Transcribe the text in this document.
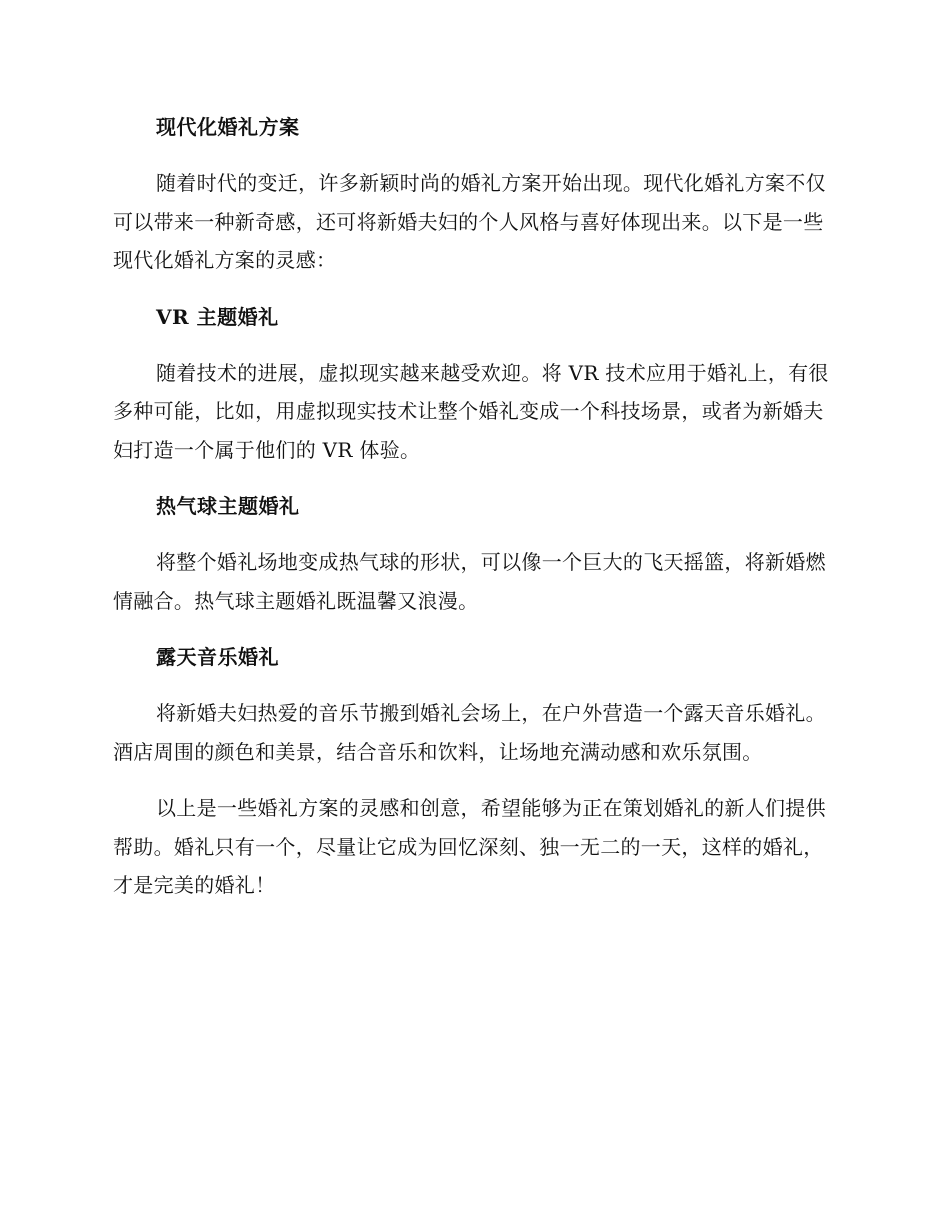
现代化婚礼方案
随着时代的变迁，许多新颖时尚的婚礼方案开始出现。现代化婚礼方案不仅可以带来一种新奇感，还可将新婚夫妇的个人风格与喜好体现出来。以下是一些现代化婚礼方案的灵感：
VR 主题婚礼
随着技术的进展，虚拟现实越来越受欢迎。将 VR 技术应用于婚礼上，有很多种可能，比如，用虚拟现实技术让整个婚礼变成一个科技场景，或者为新婚夫妇打造一个属于他们的 VR 体验。
热气球主题婚礼
将整个婚礼场地变成热气球的形状，可以像一个巨大的飞天摇篮，将新婚燃情融合。热气球主题婚礼既温馨又浪漫。
露天音乐婚礼
将新婚夫妇热爱的音乐节搬到婚礼会场上，在户外营造一个露天音乐婚礼。酒店周围的颜色和美景，结合音乐和饮料，让场地充满动感和欢乐氛围。
以上是一些婚礼方案的灵感和创意，希望能够为正在策划婚礼的新人们提供帮助。婚礼只有一个，尽量让它成为回忆深刻、独一无二的一天，这样的婚礼，才是完美的婚礼！
